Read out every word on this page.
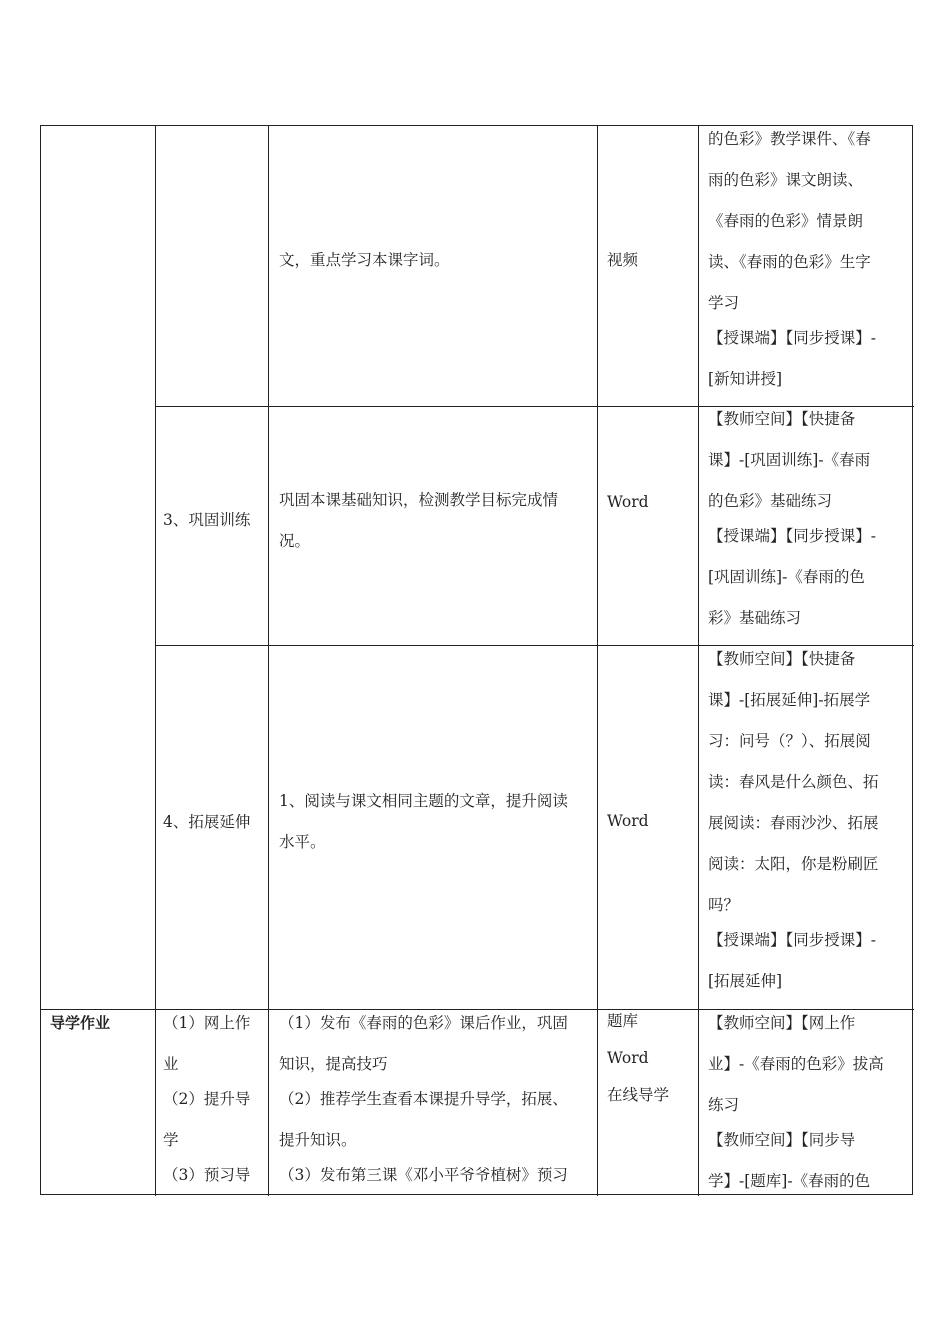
文，重点学习本课字词。	视频

的色彩》教学课件、《春

雨的色彩》课文朗读、

《春雨的色彩》情景朗

读、《春雨的色彩》生字

学习

【授课端】【同步授课】-

[新知讲授]

3、巩固训练

巩固本课基础知识，检测教学目标完成情

况。

Word

【教师空间】【快捷备

课】-[巩固训练]-《春雨

的色彩》基础练习

【授课端】【同步授课】-

[巩固训练]-《春雨的色

彩》基础练习

4、拓展延伸

1、阅读与课文相同主题的文章，提升阅读

水平。

Word

【教师空间】【快捷备

课】-[拓展延伸]-拓展学

习：问号（？）、拓展阅

读：春风是什么颜色、拓

展阅读：春雨沙沙、拓展

阅读：太阳，你是粉刷匠

吗？

【授课端】【同步授课】-

[拓展延伸]

导学作业	（1）网上作

业

（2）提升导

学

（3）预习导

（1）发布《春雨的色彩》课后作业，巩固

知识，提高技巧

（2）推荐学生查看本课提升导学，拓展、

提升知识。

（3）发布第三课《邓小平爷爷植树》预习

题库

Word

在线导学

【教师空间】【网上作

业】-《春雨的色彩》拔高

练习

【教师空间】【同步导

学】-[题库]-《春雨的色
